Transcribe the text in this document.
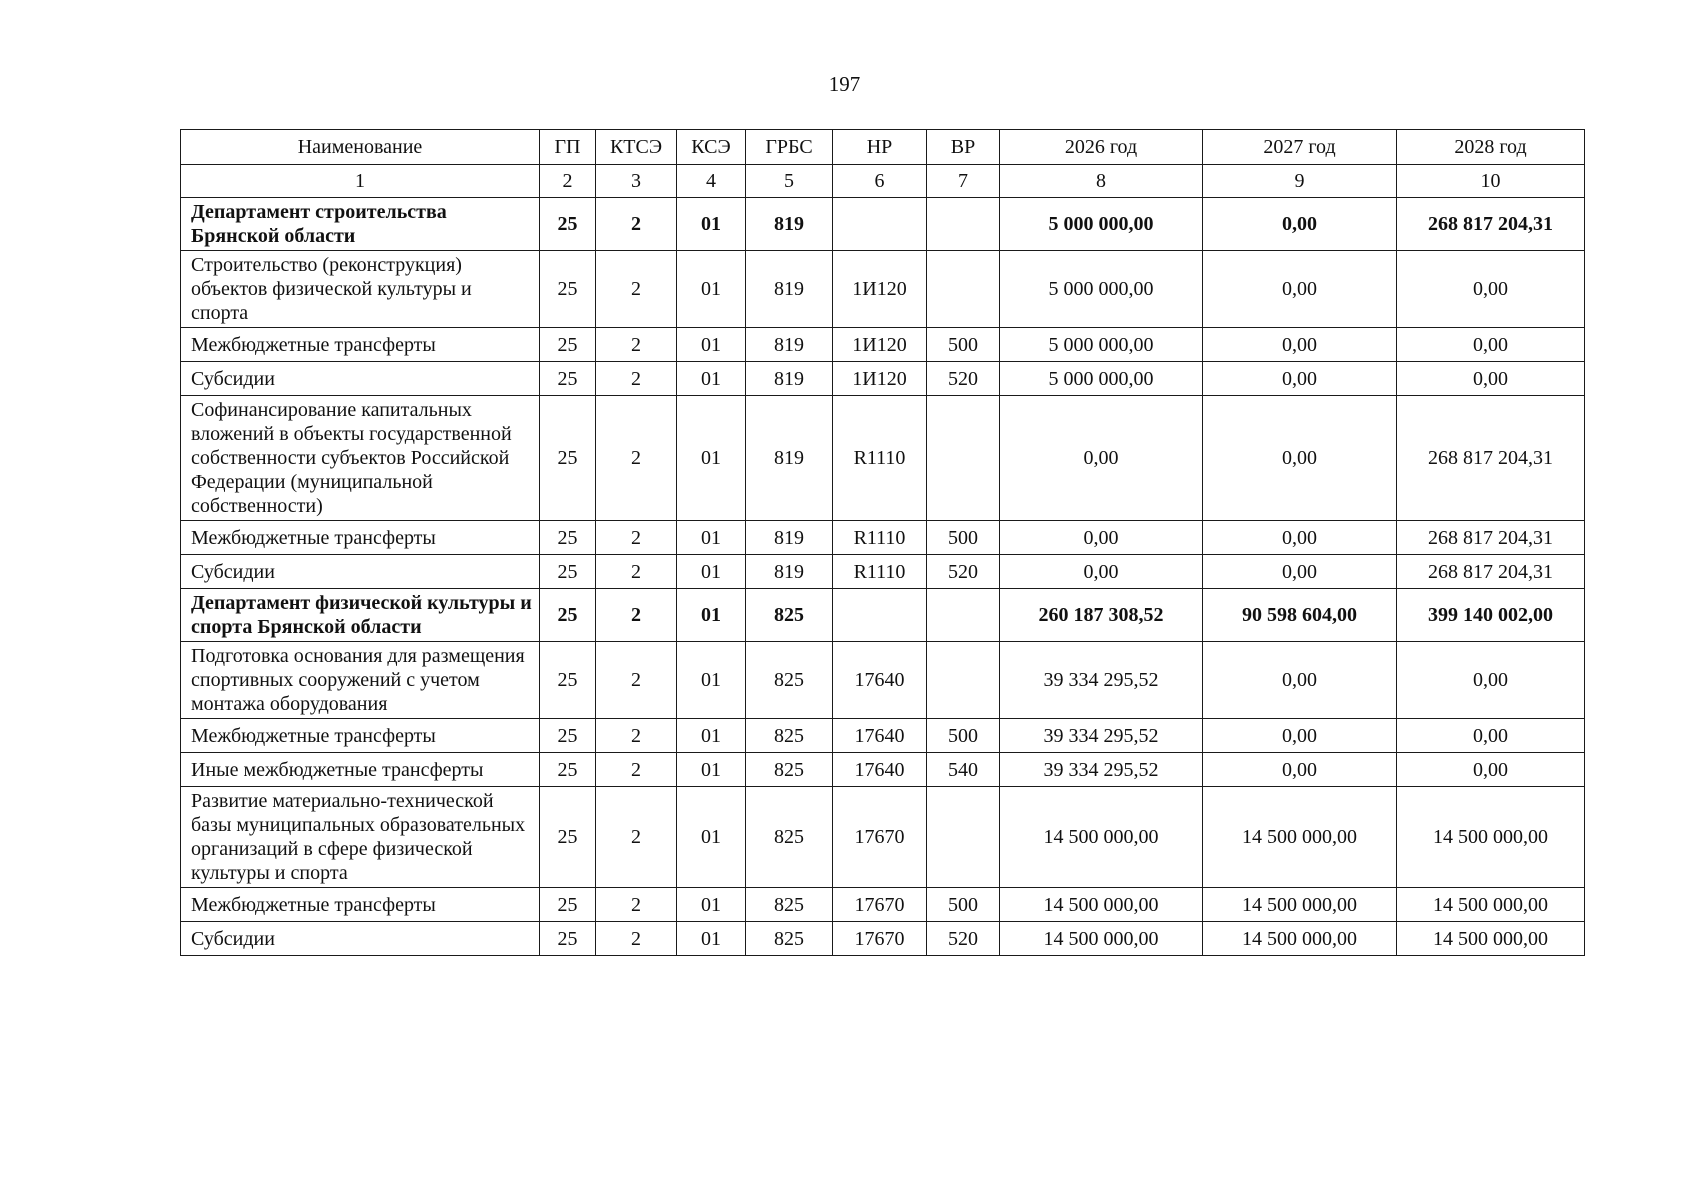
197
Наименование	ГП	КТСЭ	КСЭ	ГРБС	НР	ВР	2026 год	2027 год	2028 год
1	2	3	4	5	6	7	8	9	10
Департамент строительства Брянской области	25	2	01	819			5 000 000,00	0,00	268 817 204,31
Строительство (реконструкция) объектов физической культуры и спорта	25	2	01	819	1И120		5 000 000,00	0,00	0,00
Межбюджетные трансферты	25	2	01	819	1И120	500	5 000 000,00	0,00	0,00
Субсидии	25	2	01	819	1И120	520	5 000 000,00	0,00	0,00
Софинансирование капитальных вложений в объекты государственной собственности субъектов Российской Федерации (муниципальной собственности)	25	2	01	819	R1110		0,00	0,00	268 817 204,31
Межбюджетные трансферты	25	2	01	819	R1110	500	0,00	0,00	268 817 204,31
Субсидии	25	2	01	819	R1110	520	0,00	0,00	268 817 204,31
Департамент физической культуры и спорта Брянской области	25	2	01	825			260 187 308,52	90 598 604,00	399 140 002,00
Подготовка основания для размещения спортивных сооружений с учетом монтажа оборудования	25	2	01	825	17640		39 334 295,52	0,00	0,00
Межбюджетные трансферты	25	2	01	825	17640	500	39 334 295,52	0,00	0,00
Иные межбюджетные трансферты	25	2	01	825	17640	540	39 334 295,52	0,00	0,00
Развитие материально-технической базы муниципальных образовательных организаций в сфере физической культуры и спорта	25	2	01	825	17670		14 500 000,00	14 500 000,00	14 500 000,00
Межбюджетные трансферты	25	2	01	825	17670	500	14 500 000,00	14 500 000,00	14 500 000,00
Субсидии	25	2	01	825	17670	520	14 500 000,00	14 500 000,00	14 500 000,00
